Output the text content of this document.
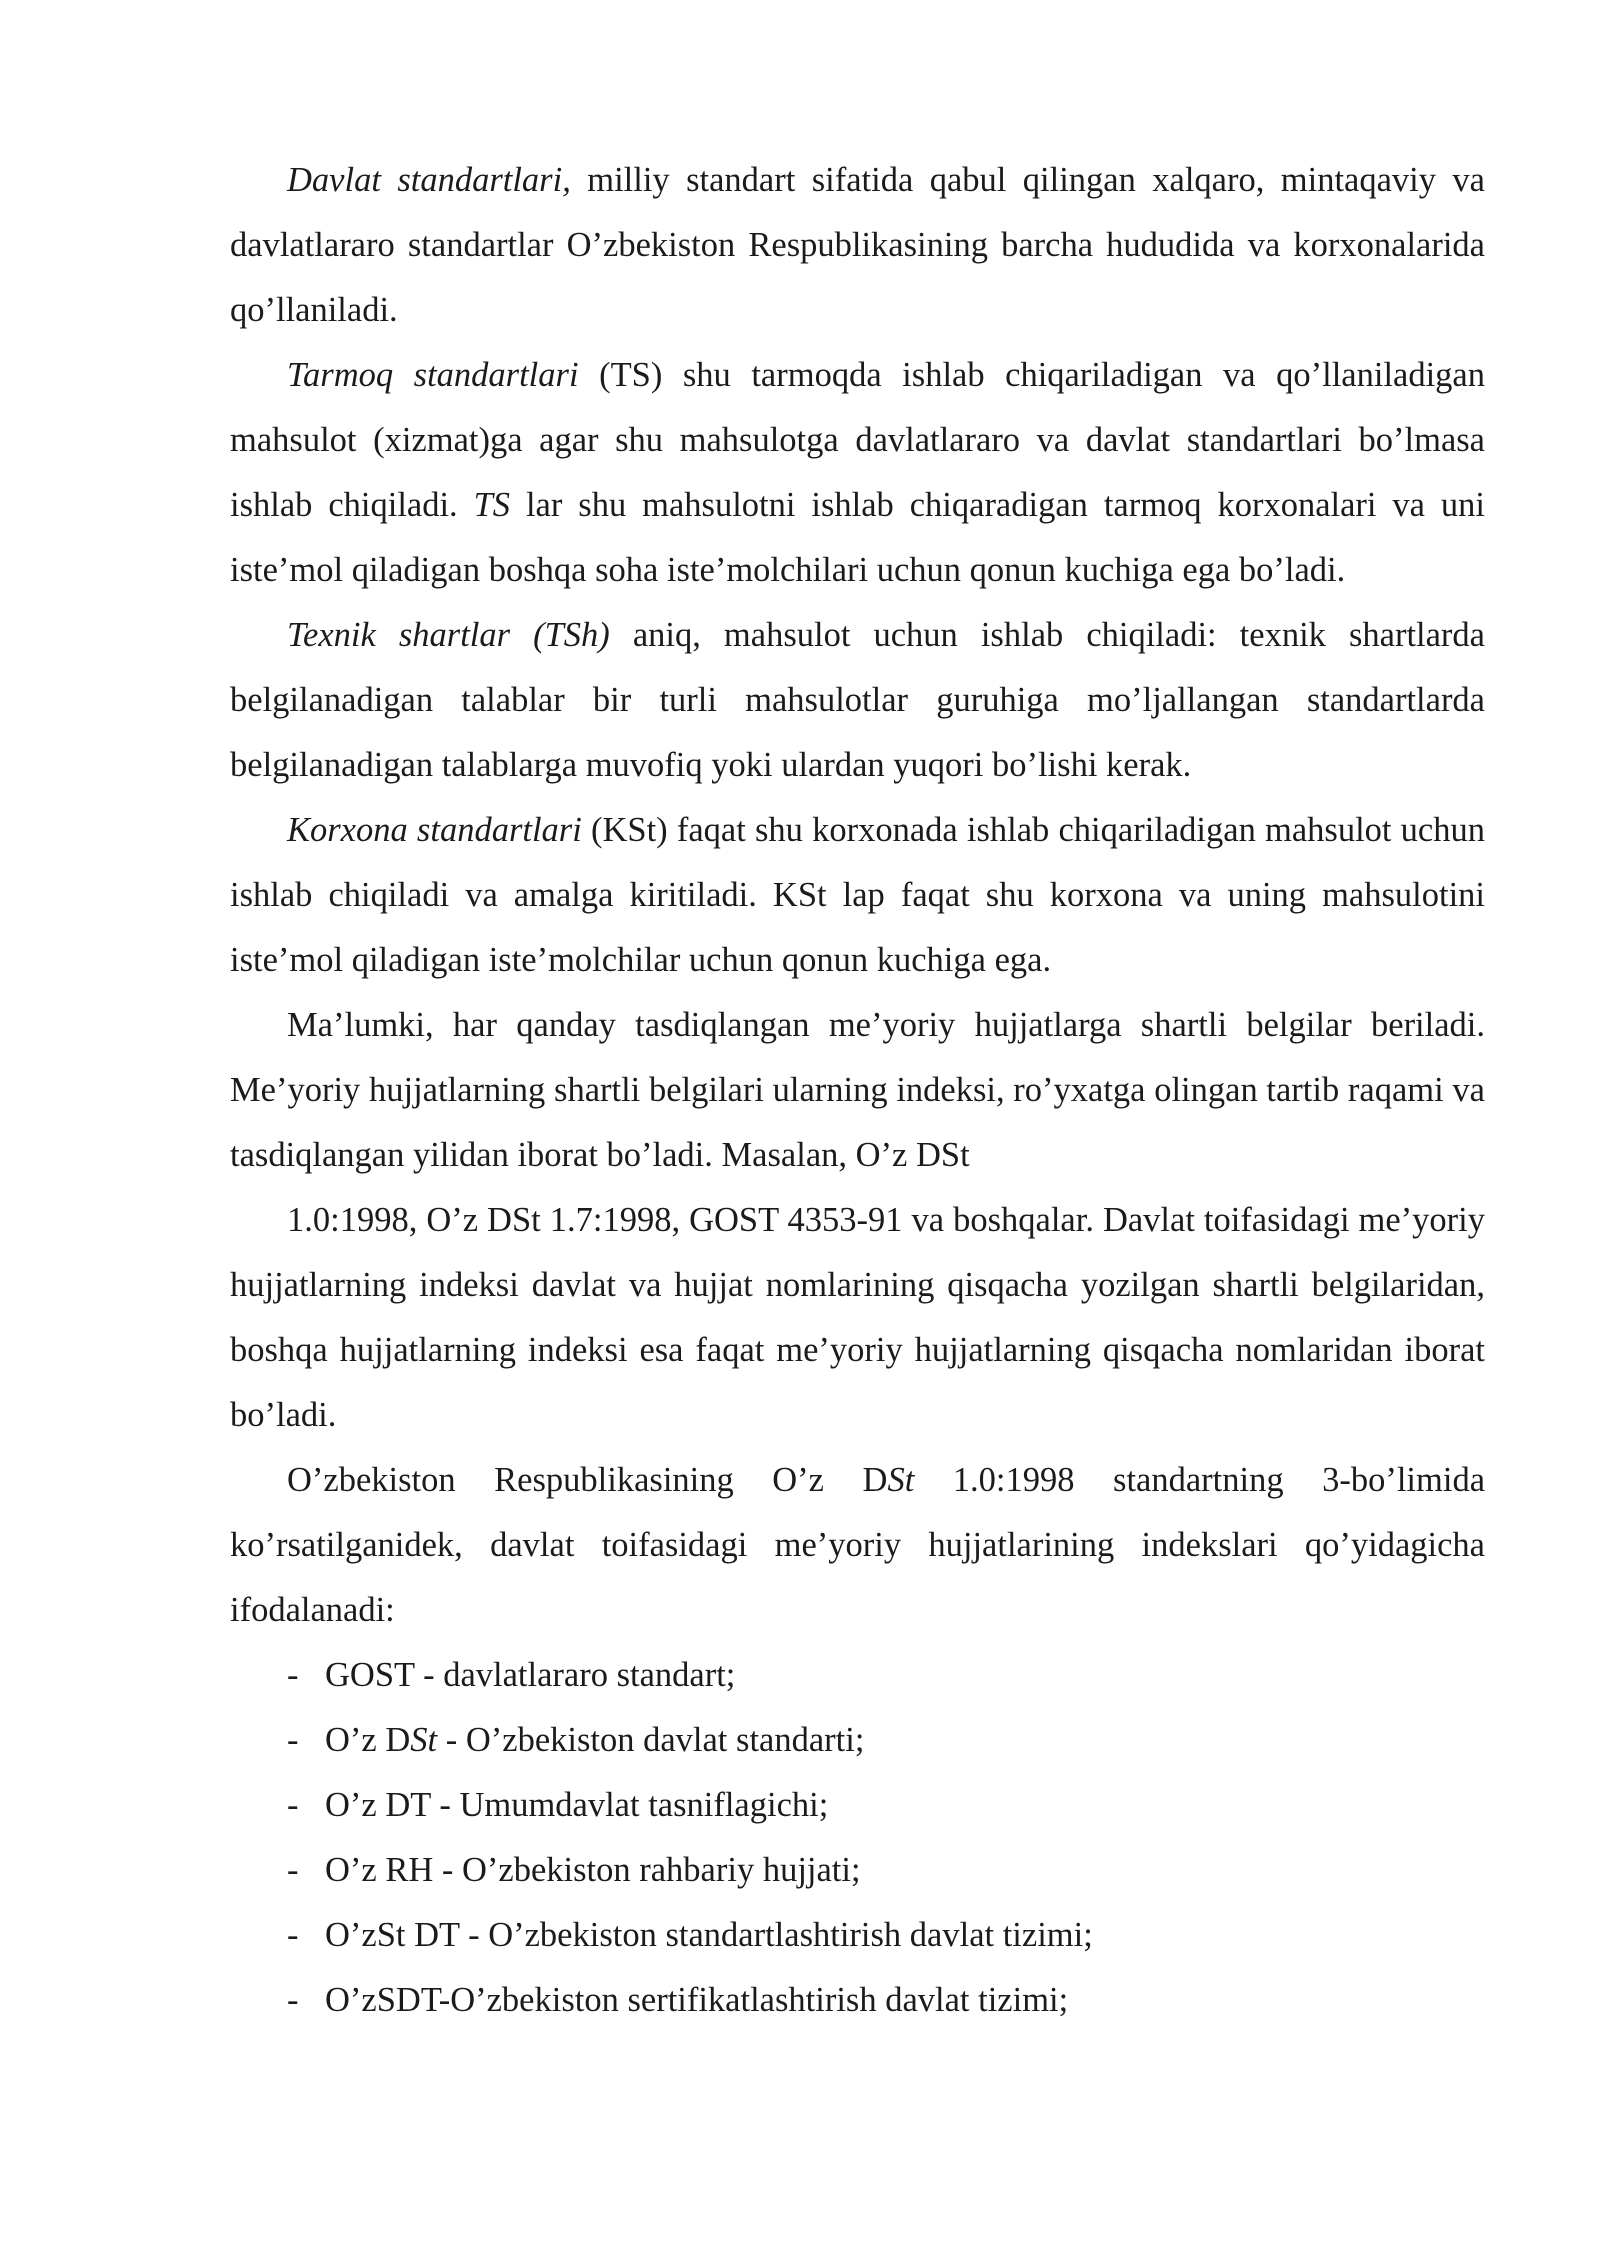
Davlat standartlari, milliy standart sifatida qabul qilingan xalqaro, mintaqaviy va davlatlararo standartlar O’zbekiston Respublikasining barcha hududida va korxonalarida qo’llaniladi.

Tarmoq standartlari (TS) shu tarmoqda ishlab chiqariladigan va qo’llaniladigan mahsulot (xizmat)ga agar shu mahsulotga davlatlararo va davlat standartlari bo’lmasa ishlab chiqiladi. TS lar shu mahsulotni ishlab chiqaradigan tarmoq korxonalari va uni iste’mol qiladigan boshqa soha iste’molchilari uchun qonun kuchiga ega bo’ladi.

Texnik shartlar (TSh) aniq, mahsulot uchun ishlab chiqiladi: texnik shartlarda belgilanadigan talablar bir turli mahsulotlar guruhiga mo’ljallangan standartlarda belgilanadigan talablarga muvofiq yoki ulardan yuqori bo’lishi kerak.

Korxona standartlari (KSt) faqat shu korxonada ishlab chiqariladigan mahsulot uchun ishlab chiqiladi va amalga kiritiladi. KSt lap faqat shu korxona va uning mahsulotini iste’mol qiladigan iste’molchilar uchun qonun kuchiga ega.

Ma’lumki, har qanday tasdiqlangan me’yoriy hujjatlarga shartli belgilar beriladi. Me’yoriy hujjatlarning shartli belgilari ularning indeksi, ro’yxatga olingan tartib raqami va tasdiqlangan yilidan iborat bo’ladi. Masalan, O’z DSt

1.0:1998, O’z DSt 1.7:1998, GOST 4353-91 va boshqalar. Davlat toifasidagi me’yoriy hujjatlarning indeksi davlat va hujjat nomlarining qisqacha yozilgan shartli belgilaridan, boshqa hujjatlarning indeksi esa faqat me’yoriy hujjatlarning qisqacha nomlaridan iborat bo’ladi.

O’zbekiston Respublikasining O’z DSt 1.0:1998 standartning 3-bo’limida ko’rsatilganidek, davlat toifasidagi me’yoriy hujjatlarining indekslari qo’yidagicha ifodalanadi:

- GOST - davlatlararo standart;
- O’z DSt - O’zbekiston davlat standarti;
- O’z DT - Umumdavlat tasniflagichi;
- O’z RH - O’zbekiston rahbariy hujjati;
- O’zSt DT - O’zbekiston standartlashtirish davlat tizimi;
- O’zSDT-O’zbekiston sertifikatlashtirish davlat tizimi;
